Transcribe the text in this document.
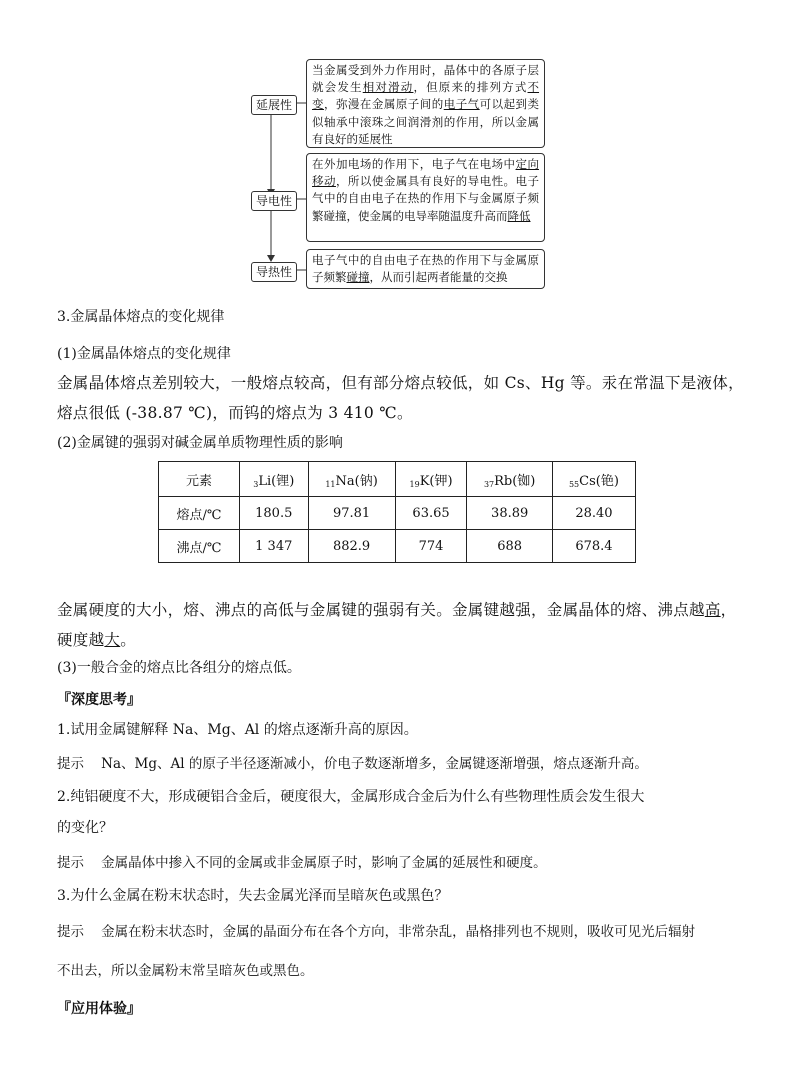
延展性
导电性
导热性
当金属受到外力作用时，晶体中的各原子层就会发生相对滑动，但原来的排列方式不变，弥漫在金属原子间的电子气可以起到类似轴承中滚珠之间润滑剂的作用，所以金属有良好的延展性
在外加电场的作用下，电子气在电场中定向移动，所以使金属具有良好的导电性。电子气中的自由电子在热的作用下与金属原子频繁碰撞，使金属的电导率随温度升高而降低
电子气中的自由电子在热的作用下与金属原子频繁碰撞，从而引起两者能量的交换
3.金属晶体熔点的变化规律
(1)金属晶体熔点的变化规律
金属晶体熔点差别较大，一般熔点较高，但有部分熔点较低，如 Cs、Hg 等。汞在常温下是液体，
熔点很低 (-38.87 ℃)，而钨的熔点为 3 410 ℃。
(2)金属键的强弱对碱金属单质物理性质的影响
元素	$_3$Li(锂)	$_{11}$Na(钠)	$_{19}$K(钾)	$_{37}$Rb(铷)	$_{55}$Cs(铯)
熔点/℃	180.5	97.81	63.65	38.89	28.40
沸点/℃	1 347	882.9	774	688	678.4
金属硬度的大小，熔、沸点的高低与金属键的强弱有关。金属键越强，金属晶体的熔、沸点越高，
硬度越大。
(3)一般合金的熔点比各组分的熔点低。
『深度思考』
1.试用金属键解释 Na、Mg、Al 的熔点逐渐升高的原因。
提示    Na、Mg、Al 的原子半径逐渐减小，价电子数逐渐增多，金属键逐渐增强，熔点逐渐升高。
2.纯铝硬度不大，形成硬铝合金后，硬度很大，金属形成合金后为什么有些物理性质会发生很大
的变化？
提示    金属晶体中掺入不同的金属或非金属原子时，影响了金属的延展性和硬度。
3.为什么金属在粉末状态时，失去金属光泽而呈暗灰色或黑色？
提示    金属在粉末状态时，金属的晶面分布在各个方向，非常杂乱，晶格排列也不规则，吸收可见光后辐射
不出去，所以金属粉末常呈暗灰色或黑色。
『应用体验』
